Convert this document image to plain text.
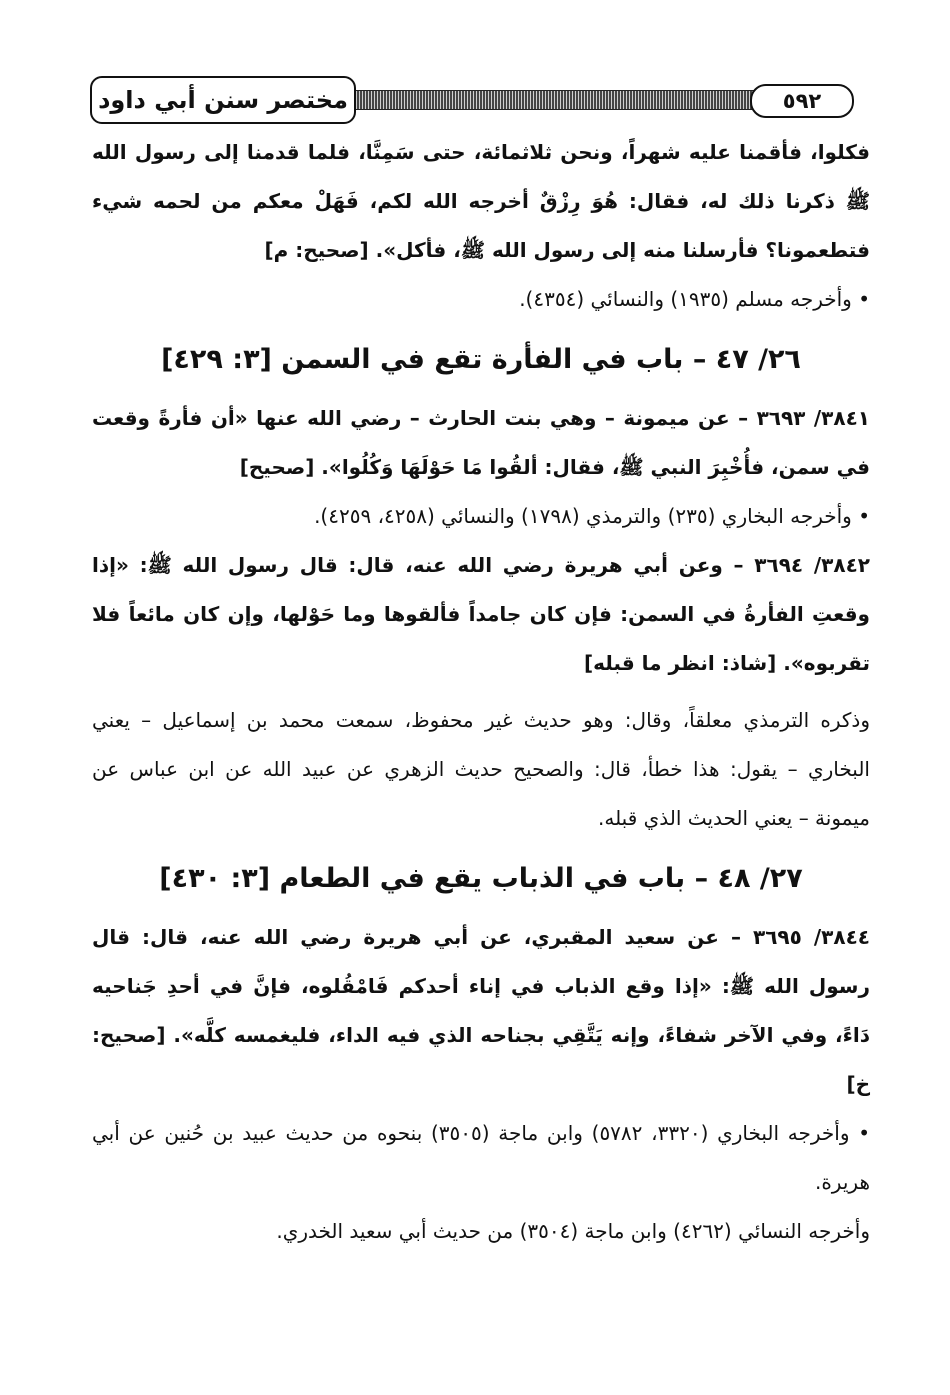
مختصر سنن أبي داود	٥٩٢

فكلوا، فأقمنا عليه شهراً، ونحن ثلاثمائة، حتى سَمِنَّا، فلما قدمنا إلى رسول الله ﷺ ذكرنا ذلك له، فقال: هُوَ رِزْقٌ أخرجه الله لكم، فَهَلْ معكم من لحمه شيء فتطعمونا؟ فأرسلنا منه إلى رسول الله ﷺ، فأكل». [صحيح: م]

• وأخرجه مسلم (١٩٣٥) والنسائي (٤٣٥٤).

٢٦/ ٤٧ – باب في الفأرة تقع في السمن [٣: ٤٢٩]

٣٨٤١/ ٣٦٩٣ – عن ميمونة – وهي بنت الحارث – رضي الله عنها «أن فأرةً وقعت في سمن، فأُخْبِرَ النبي ﷺ، فقال: ألقُوا مَا حَوْلَهَا وَكُلُوا». [صحيح]

• وأخرجه البخاري (٢٣٥) والترمذي (١٧٩٨) والنسائي (٤٢٥٨، ٤٢٥٩).

٣٨٤٢/ ٣٦٩٤ – وعن أبي هريرة رضي الله عنه، قال: قال رسول الله ﷺ: «إذا وقعتِ الفأرةُ في السمن: فإن كان جامداً فألقوها وما حَوْلها، وإن كان مائعاً فلا تقربوه». [شاذ: انظر ما قبله]

وذكره الترمذي معلقاً، وقال: وهو حديث غير محفوظ، سمعت محمد بن إسماعيل – يعني البخاري – يقول: هذا خطأ، قال: والصحيح حديث الزهري عن عبيد الله عن ابن عباس عن ميمونة – يعني الحديث الذي قبله.

٢٧/ ٤٨ – باب في الذباب يقع في الطعام [٣: ٤٣٠]

٣٨٤٤/ ٣٦٩٥ – عن سعيد المقبري، عن أبي هريرة رضي الله عنه، قال: قال رسول الله ﷺ: «إذا وقع الذباب في إناء أحدكم فَامْقُلوه، فإنَّ في أحدِ جَناحيه دَاءً، وفي الآخر شفاءً، وإنه يَتَّقِي بجناحه الذي فيه الداء، فليغمسه كلَّه». [صحيح: خ]

• وأخرجه البخاري (٣٣٢٠، ٥٧٨٢) وابن ماجة (٣٥٠٥) بنحوه من حديث عبيد بن حُنين عن أبي هريرة.

وأخرجه النسائي (٤٢٦٢) وابن ماجة (٣٥٠٤) من حديث أبي سعيد الخدري.
